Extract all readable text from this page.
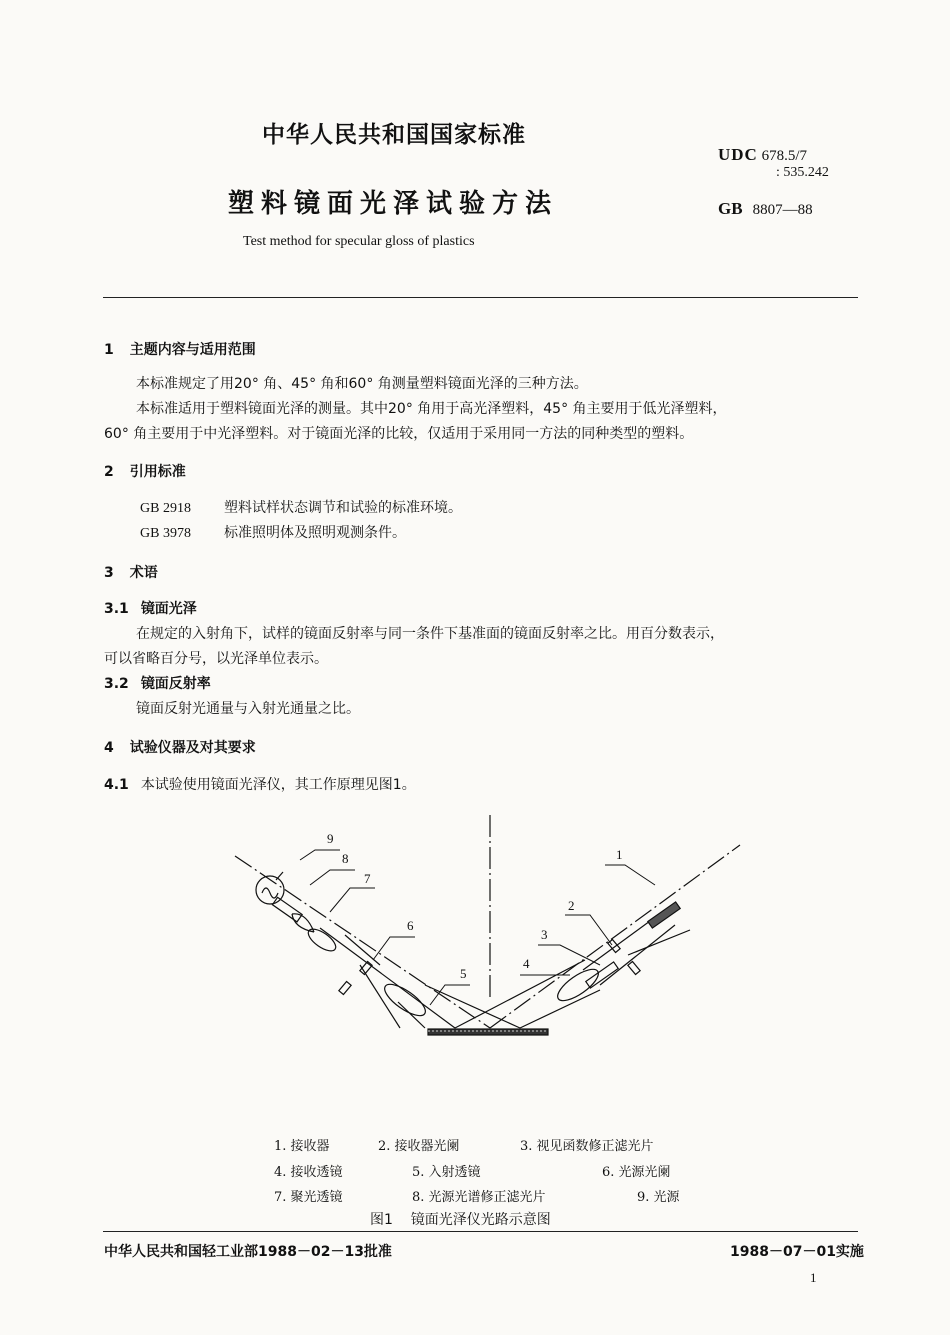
中华人民共和国国家标准
塑料镜面光泽试验方法
Test method for specular gloss of plastics
UDC 678.5/7
: 535.242
GB 8807—88
1 主题内容与适用范围
本标准规定了用20° 角、45° 角和60° 角测量塑料镜面光泽的三种方法。
本标准适用于塑料镜面光泽的测量。其中20° 角用于高光泽塑料，45° 角主要用于低光泽塑料，
60° 角主要用于中光泽塑料。对于镜面光泽的比较，仅适用于采用同一方法的同种类型的塑料。
2 引用标准
GB 2918 塑料试样状态调节和试验的标准环境。
GB 3978 标准照明体及照明观测条件。
3 术语
3.1 镜面光泽
在规定的入射角下，试样的镜面反射率与同一条件下基准面的镜面反射率之比。用百分数表示，
可以省略百分号，以光泽单位表示。
3.2 镜面反射率
镜面反射光通量与入射光通量之比。
4 试验仪器及对其要求
4.1 本试验使用镜面光泽仪，其工作原理见图1。
9
8
7
6
5
4
3
2
1
1. 接收器	2. 接收器光阑	3. 视见函数修正滤光片
4. 接收透镜	5. 入射透镜	6. 光源光阑
7. 聚光透镜	8. 光源光谱修正滤光片	9. 光源
图1    镜面光泽仪光路示意图
中华人民共和国轻工业部1988－02－13批准	1988－07－01实施
1
